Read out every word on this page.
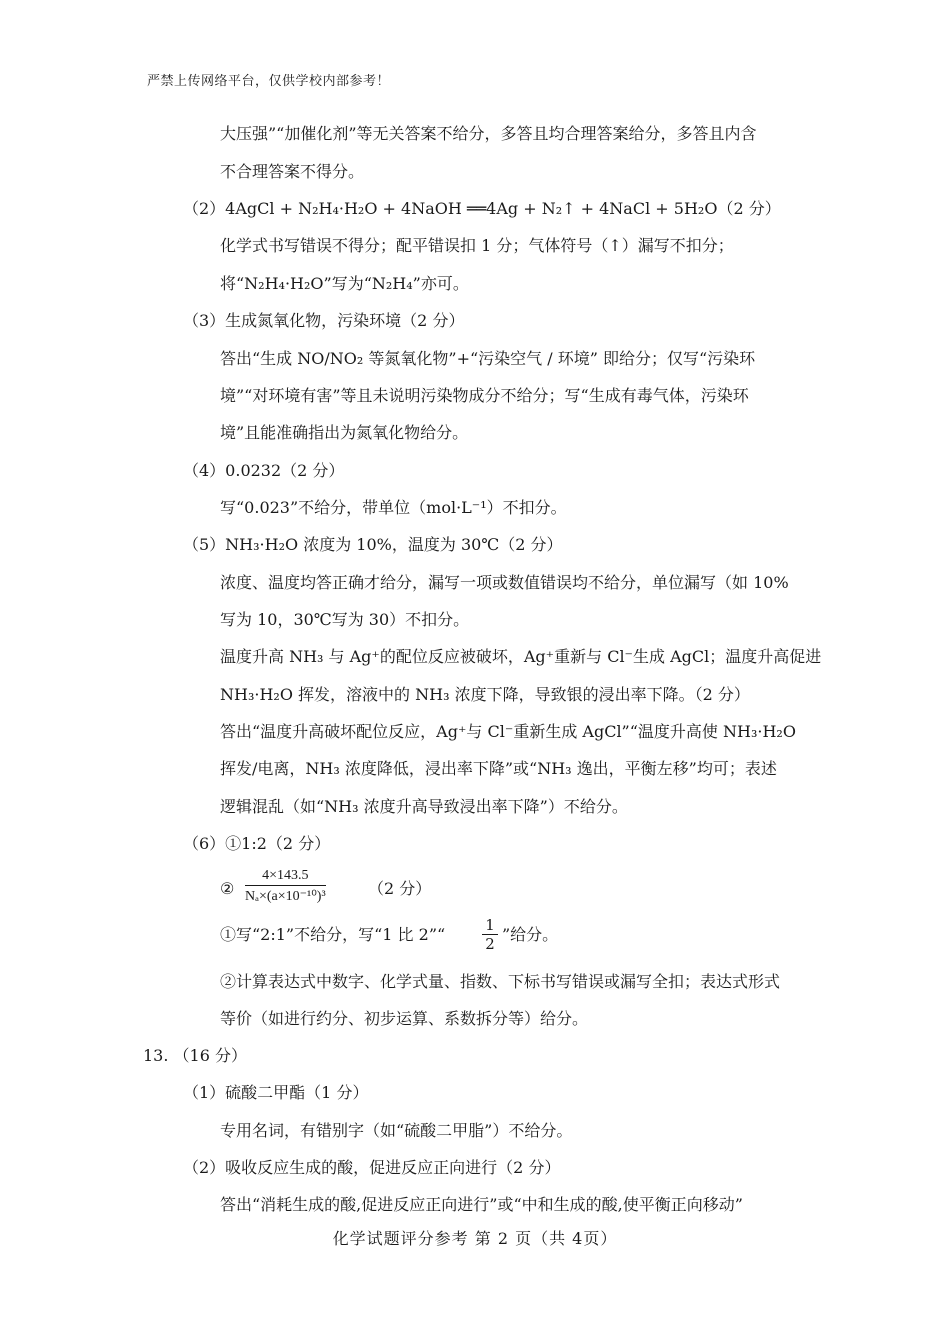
严禁上传网络平台，仅供学校内部参考！
大压强”“加催化剂”等无关答案不给分，多答且均合理答案给分，多答且内含
不合理答案不得分。
（2）4AgCl + N₂H₄·H₂O + 4NaOH ══4Ag + N₂↑ + 4NaCl + 5H₂O（2 分）
化学式书写错误不得分；配平错误扣 1 分；气体符号（↑）漏写不扣分；
将“N₂H₄·H₂O”写为“N₂H₄”亦可。
（3）生成氮氧化物，污染环境（2 分）
答出“生成 NO/NO₂ 等氮氧化物”+“污染空气 / 环境” 即给分；仅写“污染环
境”“对环境有害”等且未说明污染物成分不给分；写“生成有毒气体，污染环
境”且能准确指出为氮氧化物给分。
（4）0.0232（2 分）
写“0.023”不给分，带单位（mol·L⁻¹）不扣分。
（5）NH₃·H₂O 浓度为 10%，温度为 30℃（2 分）
浓度、温度均答正确才给分，漏写一项或数值错误均不给分，单位漏写（如 10%
写为 10，30℃写为 30）不扣分。
温度升高 NH₃ 与 Ag⁺的配位反应被破坏，Ag⁺重新与 Cl⁻生成 AgCl；温度升高促进
NH₃·H₂O 挥发，溶液中的 NH₃ 浓度下降，导致银的浸出率下降。（2 分）
答出“温度升高破坏配位反应，Ag⁺与 Cl⁻重新生成 AgCl”“温度升高使 NH₃·H₂O
挥发/电离，NH₃ 浓度降低，浸出率下降”或“NH₃ 逸出，平衡左移”均可；表述
逻辑混乱（如“NH₃ 浓度升高导致浸出率下降”）不给分。
（6）①1:2（2 分）
② $\frac{4\times 143.5}{\text{Nₐ×(a×10⁻¹⁰)³}}$	（2 分）
①写“2:1”不给分，写“1 比 2”“ $\frac{1}{2}$ ”给分。
②计算表达式中数字、化学式量、指数、下标书写错误或漏写全扣；表达式形式
等价（如进行约分、初步运算、系数拆分等）给分。
13. （16 分）
（1）硫酸二甲酯（1 分）
专用名词，有错别字（如“硫酸二甲脂”）不给分。
（2）吸收反应生成的酸，促进反应正向进行（2 分）
答出“消耗生成的酸,促进反应正向进行”或“中和生成的酸,使平衡正向移动”
化学试题评分参考 第 2 页（共 4页）
